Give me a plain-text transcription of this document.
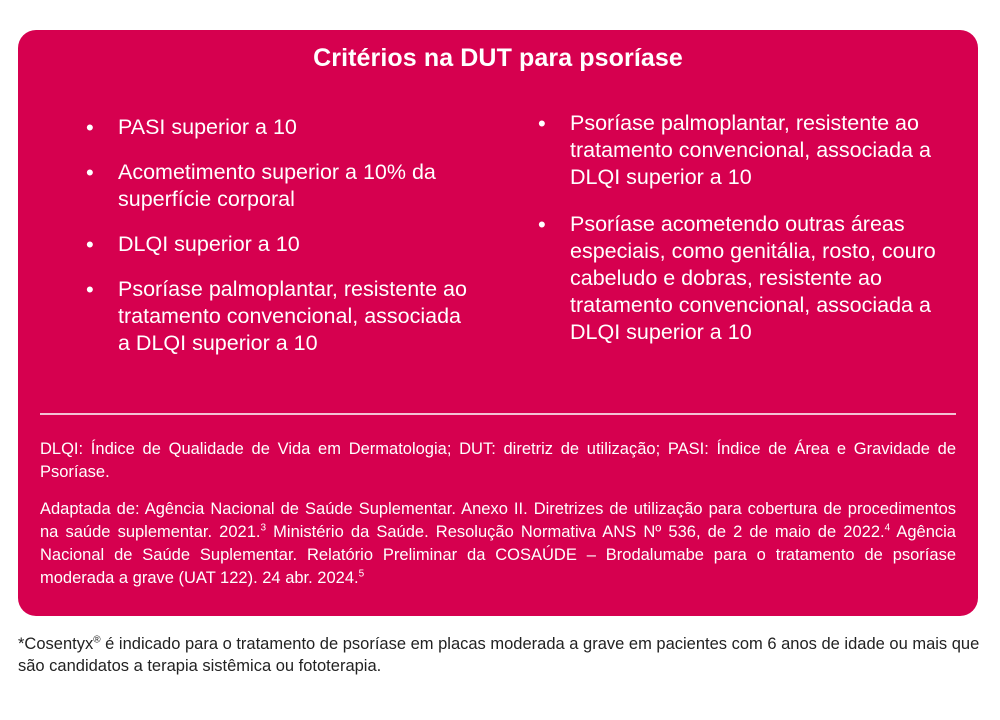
Critérios na DUT para psoríase
•	PASI superior a 10
•	Acometimento superior a 10% da superfície corporal
•	DLQI superior a 10
•	Psoríase palmoplantar, resistente ao tratamento convencional, associada a DLQI superior a 10
•	Psoríase palmoplantar, resistente ao tratamento convencional, associada a DLQI superior a 10
•	Psoríase acometendo outras áreas especiais, como genitália, rosto, couro cabeludo e dobras, resistente ao tratamento convencional, associada a DLQI superior a 10

DLQI: Índice de Qualidade de Vida em Dermatologia; DUT: diretriz de utilização; PASI: Índice de Área e Gravidade de Psoríase.

Adaptada de: Agência Nacional de Saúde Suplementar. Anexo II. Diretrizes de utilização para cobertura de procedimentos na saúde suplementar. 2021.$^3$ Ministério da Saúde. Resolução Normativa ANS Nº 536, de 2 de maio de 2022.$^4$ Agência Nacional de Saúde Suplementar. Relatório Preliminar da COSAÚDE – Brodalumabe para o tratamento de psoríase moderada a grave (UAT 122). 24 abr. 2024.$^5$

*Cosentyx® é indicado para o tratamento de psoríase em placas moderada a grave em pacientes com 6 anos de idade ou mais que são candidatos a terapia sistêmica ou fototerapia.
